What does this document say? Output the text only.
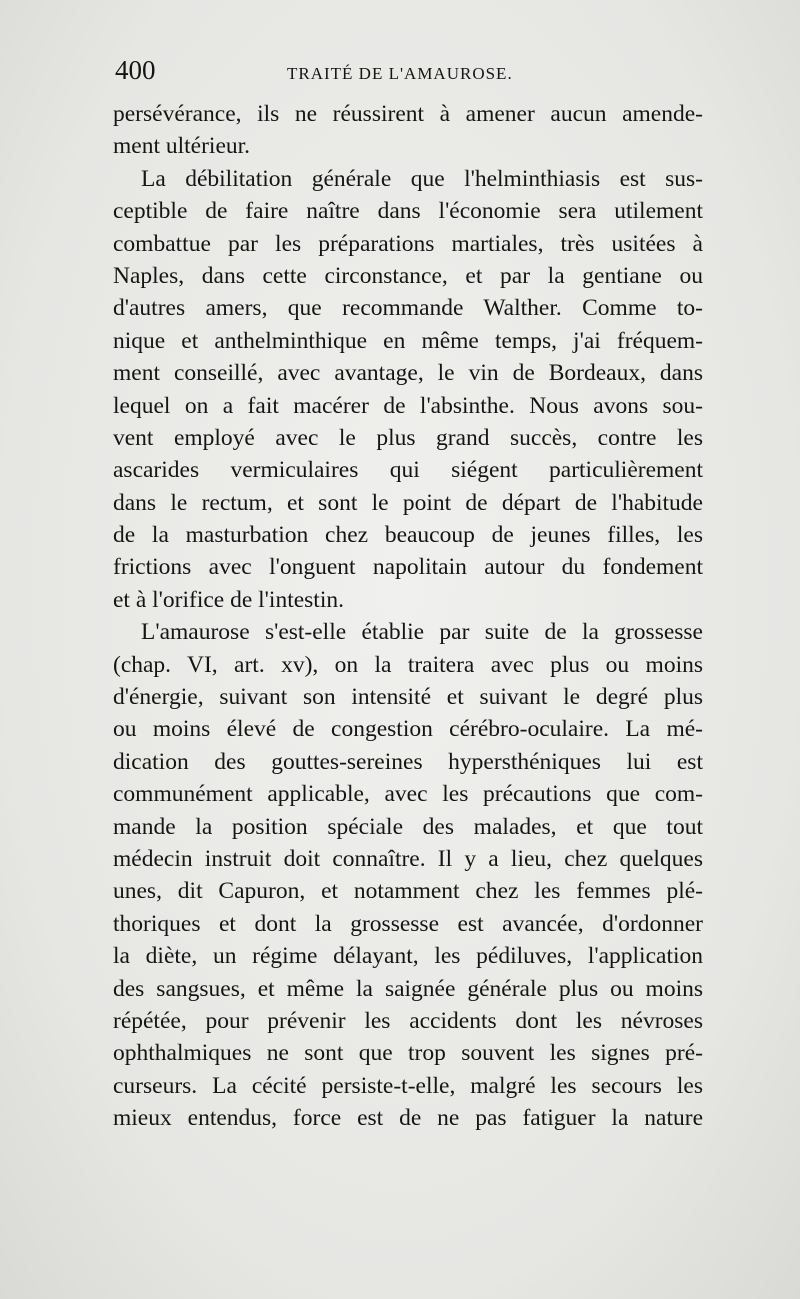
400	TRAITÉ DE L'AMAUROSE.
persévérance, ils ne réussirent à amener aucun amende-
ment ultérieur.
La débilitation générale que l'helminthiasis est sus-
ceptible de faire naître dans l'économie sera utilement
combattue par les préparations martiales, très usitées à
Naples, dans cette circonstance, et par la gentiane ou
d'autres amers, que recommande Walther. Comme to-
nique et anthelminthique en même temps, j'ai fréquem-
ment conseillé, avec avantage, le vin de Bordeaux, dans
lequel on a fait macérer de l'absinthe. Nous avons sou-
vent employé avec le plus grand succès, contre les
ascarides vermiculaires qui siégent particulièrement
dans le rectum, et sont le point de départ de l'habitude
de la masturbation chez beaucoup de jeunes filles, les
frictions avec l'onguent napolitain autour du fondement
et à l'orifice de l'intestin.
L'amaurose s'est-elle établie par suite de la grossesse
(chap. VI, art. xv), on la traitera avec plus ou moins
d'énergie, suivant son intensité et suivant le degré plus
ou moins élevé de congestion cérébro-oculaire. La mé-
dication des gouttes-sereines hypersthéniques lui est
communément applicable, avec les précautions que com-
mande la position spéciale des malades, et que tout
médecin instruit doit connaître. Il y a lieu, chez quelques
unes, dit Capuron, et notamment chez les femmes plé-
thoriques et dont la grossesse est avancée, d'ordonner
la diète, un régime délayant, les pédiluves, l'application
des sangsues, et même la saignée générale plus ou moins
répétée, pour prévenir les accidents dont les névroses
ophthalmiques ne sont que trop souvent les signes pré-
curseurs. La cécité persiste-t-elle, malgré les secours les
mieux entendus, force est de ne pas fatiguer la nature
